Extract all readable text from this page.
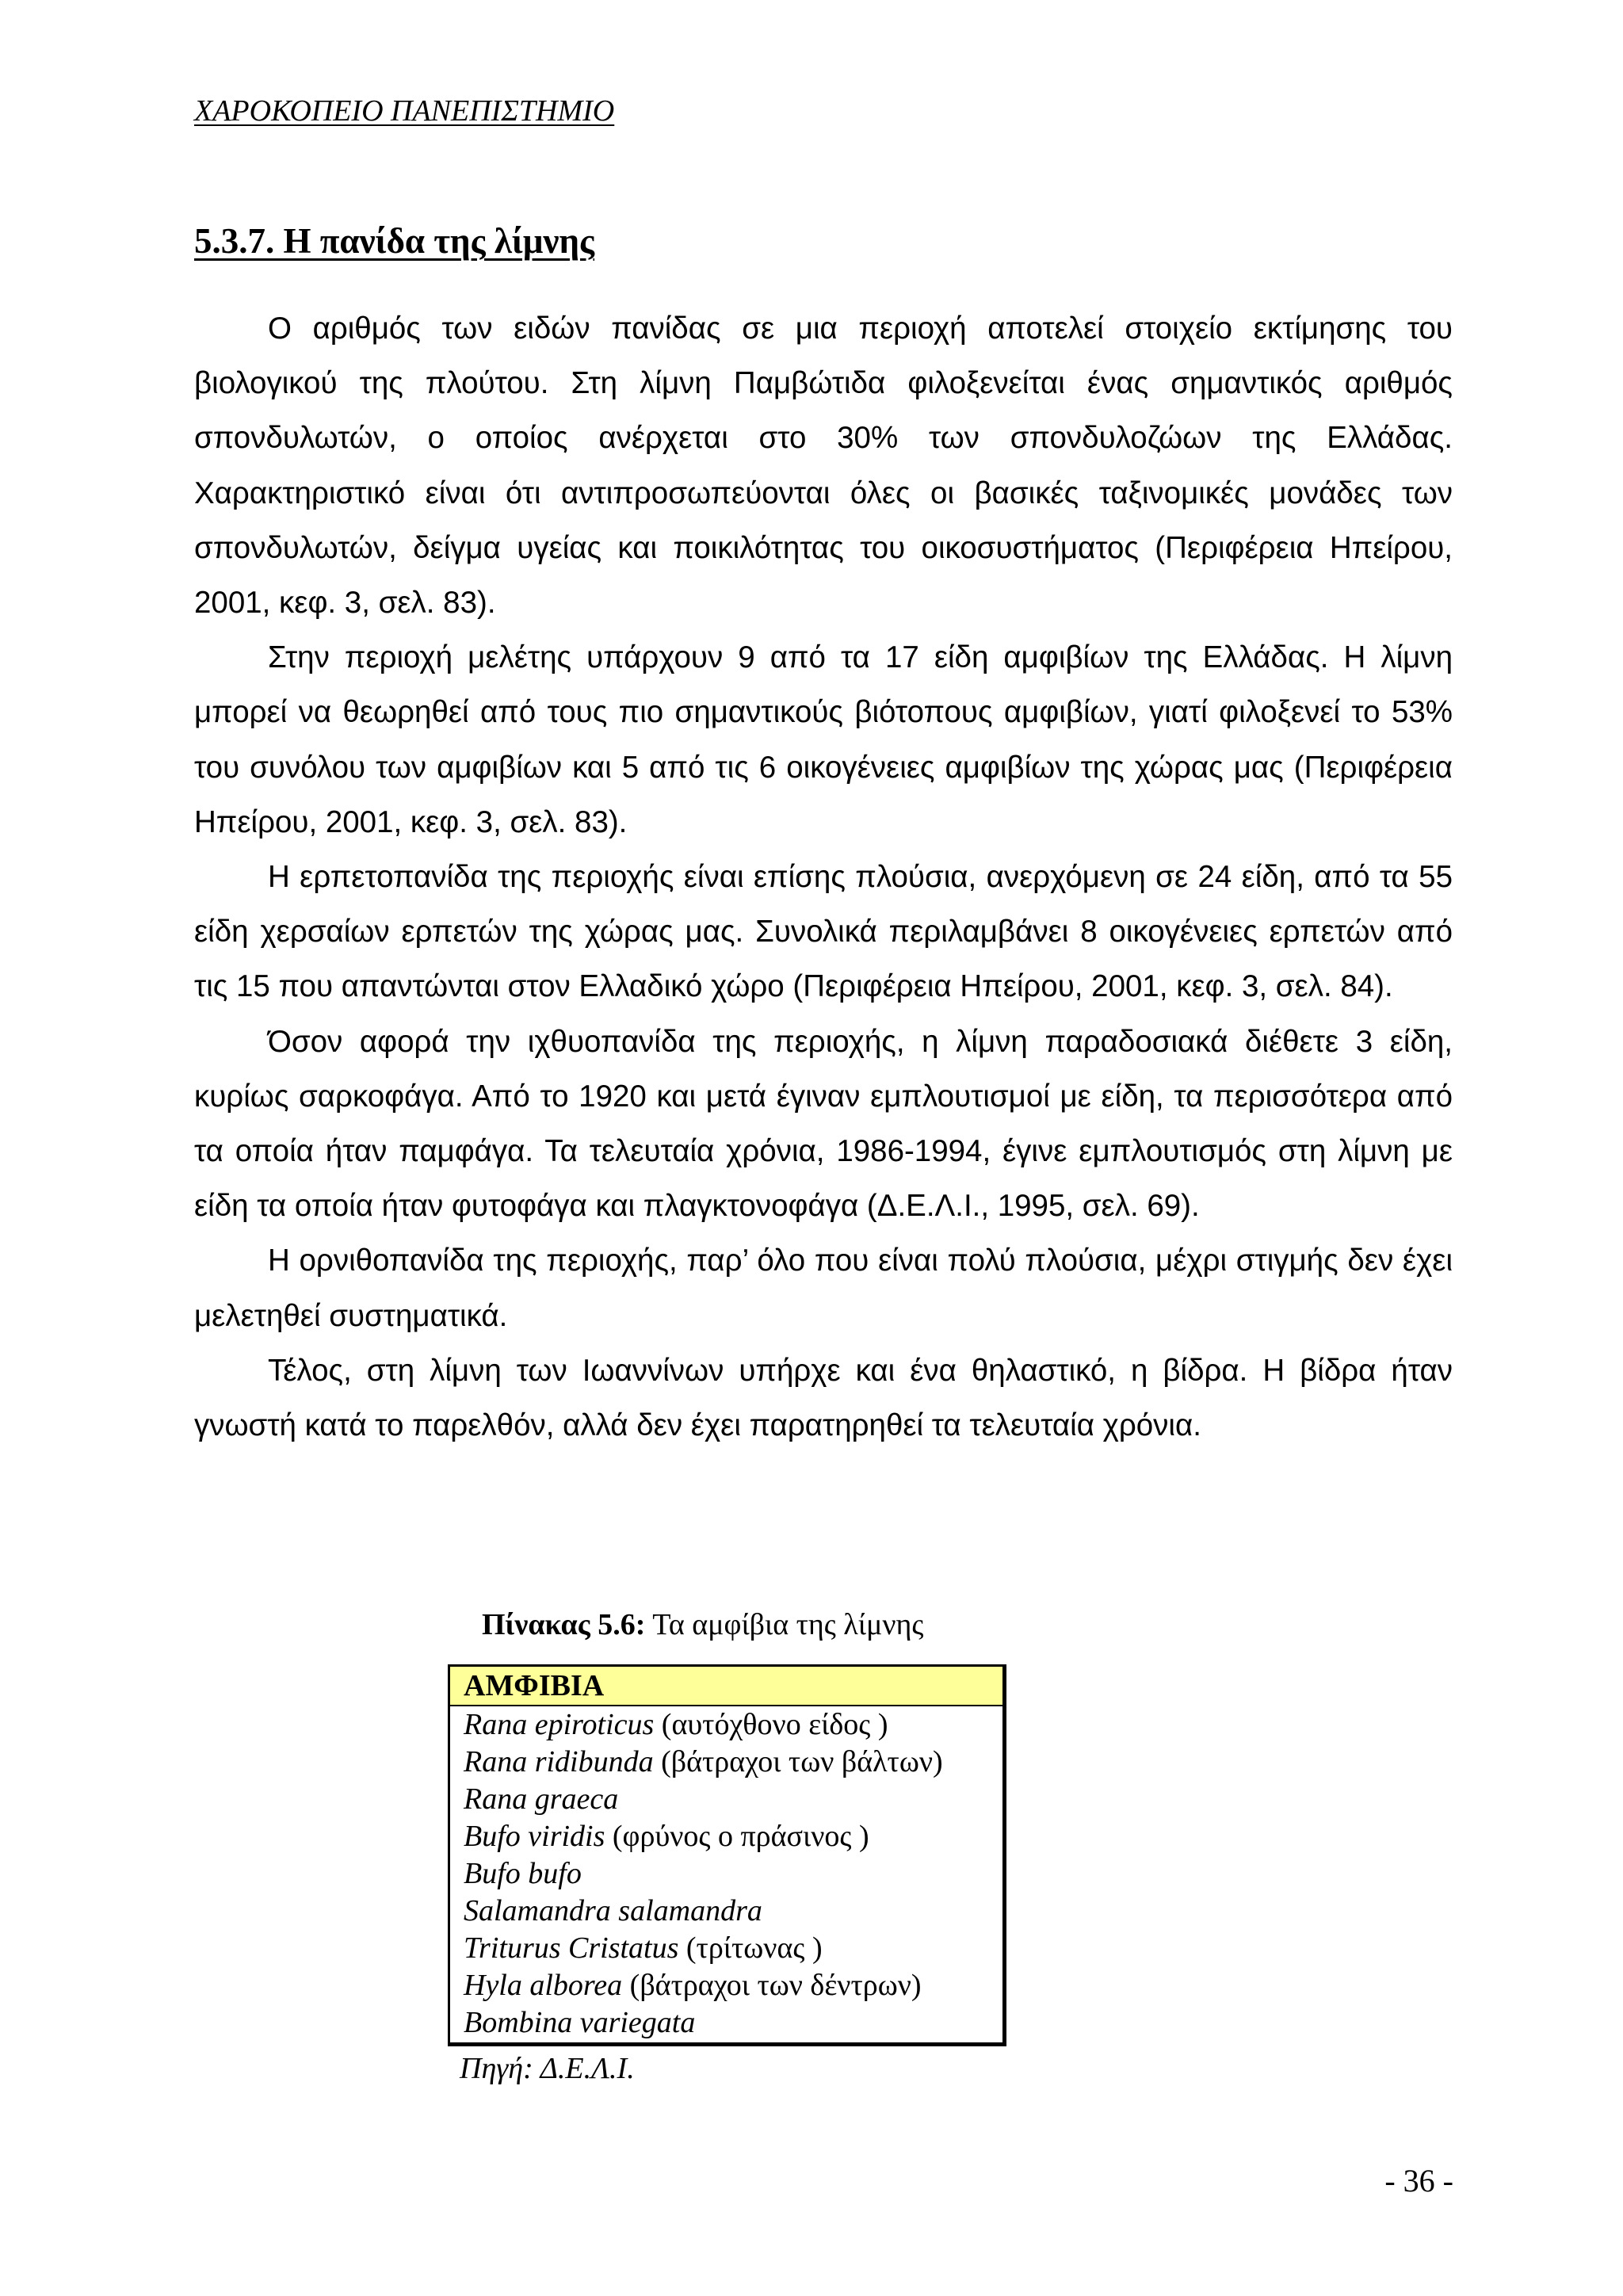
ΧΑΡΟΚΟΠΕΙΟ ΠΑΝΕΠΙΣΤΗΜΙΟ
5.3.7. Η πανίδα της λίμνης

Ο αριθμός των ειδών πανίδας σε μια περιοχή αποτελεί στοιχείο εκτίμησης του βιολογικού της πλούτου. Στη λίμνη Παμβώτιδα φιλοξενείται ένας σημαντικός αριθμός σπονδυλωτών, ο οποίος ανέρχεται στο 30% των σπονδυλοζώων της Ελλάδας. Χαρακτηριστικό είναι ότι αντιπροσωπεύονται όλες οι βασικές ταξινομικές μονάδες των σπονδυλωτών, δείγμα υγείας και ποικιλότητας του οικοσυστήματος (Περιφέρεια Ηπείρου, 2001, κεφ. 3, σελ. 83).

Στην περιοχή μελέτης υπάρχουν 9 από τα 17 είδη αμφιβίων της Ελλάδας. Η λίμνη μπορεί να θεωρηθεί από τους πιο σημαντικούς βιότοπους αμφιβίων, γιατί φιλοξενεί το 53% του συνόλου των αμφιβίων και 5 από τις 6 οικογένειες αμφιβίων της χώρας μας (Περιφέρεια Ηπείρου, 2001, κεφ. 3, σελ. 83).

Η ερπετοπανίδα της περιοχής είναι επίσης πλούσια, ανερχόμενη σε 24 είδη, από τα 55 είδη χερσαίων ερπετών της χώρας μας. Συνολικά περιλαμβάνει 8 οικογένειες ερπετών από τις 15 που απαντώνται στον Ελλαδικό χώρο (Περιφέρεια Ηπείρου, 2001, κεφ. 3, σελ. 84).

Όσον αφορά την ιχθυοπανίδα της περιοχής, η λίμνη παραδοσιακά διέθετε 3 είδη, κυρίως σαρκοφάγα. Από το 1920 και μετά έγιναν εμπλουτισμοί με είδη, τα περισσότερα από τα οποία ήταν παμφάγα. Τα τελευταία χρόνια, 1986-1994, έγινε εμπλουτισμός στη λίμνη με είδη τα οποία ήταν φυτοφάγα και πλαγκτονοφάγα (Δ.Ε.Λ.Ι., 1995, σελ. 69).

Η ορνιθοπανίδα της περιοχής, παρ’ όλο που είναι πολύ πλούσια, μέχρι στιγμής δεν έχει μελετηθεί συστηματικά.

Τέλος, στη λίμνη των Ιωαννίνων υπήρχε και ένα θηλαστικό, η βίδρα. Η βίδρα ήταν γνωστή κατά το παρελθόν, αλλά δεν έχει παρατηρηθεί τα τελευταία χρόνια.

Πίνακας 5.6: Τα αμφίβια της λίμνης
ΑΜΦΙΒΙΑ
Rana epiroticus (αυτόχθονο είδος )
Rana ridibunda (βάτραχοι των βάλτων)
Rana graeca
Bufo viridis (φρύνος ο πράσινος )
Bufo bufo
Salamandra salamandra
Triturus Cristatus (τρίτωνας )
Hyla alborea (βάτραχοι των δέντρων)
Bombina variegata
Πηγή: Δ.Ε.Λ.Ι.
- 36 -
